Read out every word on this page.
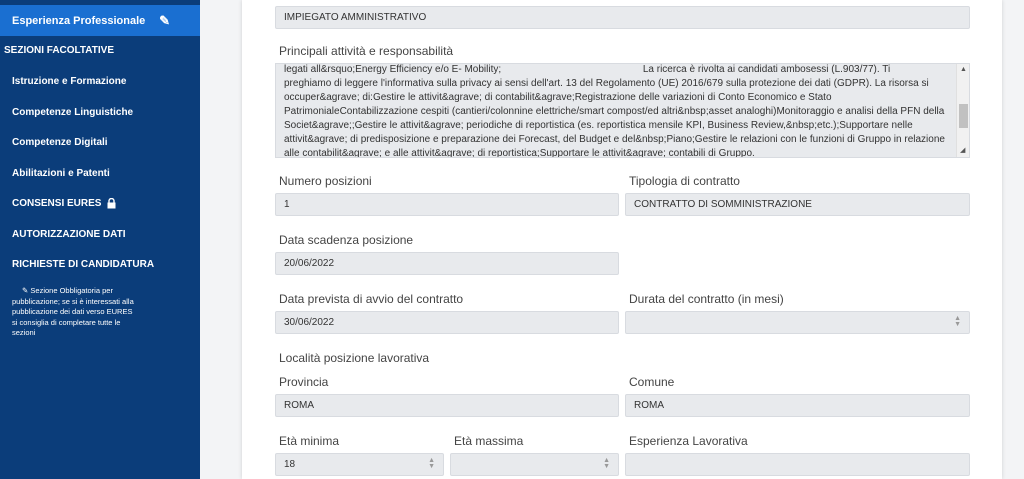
Esperienza Professionale ✎
SEZIONI FACOLTATIVE
Istruzione e Formazione
Competenze Linguistiche
Competenze Digitali
Abilitazioni e Patenti
CONSENSI EURES
AUTORIZZAZIONE DATI
RICHIESTE DI CANDIDATURA
✎ Sezione Obbligatoria per
pubblicazione; se si è interessati alla
pubblicazione dei dati verso EURES
si consiglia di completare tutte le
sezioni
IMPIEGATO AMMINISTRATIVO
Principali attività e responsabilità
legati all&rsquo;Energy Efficiency e/o E- Mobility;                                                   La ricerca è rivolta ai candidati ambosessi (L.903/77). Ti
preghiamo di leggere l'informativa sulla privacy ai sensi dell'art. 13 del Regolamento (UE) 2016/679 sulla protezione dei dati (GDPR). La risorsa si
occuper&agrave; di:Gestire le attivit&agrave; di contabilit&agrave;Registrazione delle variazioni di Conto Economico e Stato
PatrimonialeContabilizzazione cespiti (cantieri/colonnine elettriche/smart compost/ed altri&nbsp;asset analoghi)Monitoraggio e analisi della PFN della
Societ&agrave;;Gestire le attivit&agrave; periodiche di reportistica (es. reportistica mensile KPI, Business Review,&nbsp;etc.);Supportare nelle
attivit&agrave; di predisposizione e preparazione dei Forecast, del Budget e del&nbsp;Piano;Gestire le relazioni con le funzioni di Gruppo in relazione
alle contabilit&agrave; e alle attivit&agrave; di reportistica;Supportare le attivit&agrave; contabili di Gruppo.
▲
◢
Numero posizioni
1
Tipologia di contratto
CONTRATTO DI SOMMINISTRAZIONE
Data scadenza posizione
20/06/2022
Data prevista di avvio del contratto
30/06/2022
Durata del contratto (in mesi)
▲
▼
Località posizione lavorativa
Provincia
ROMA
Comune
ROMA
Età minima
18	▲
▼
Età massima
▲
▼
Esperienza Lavorativa
